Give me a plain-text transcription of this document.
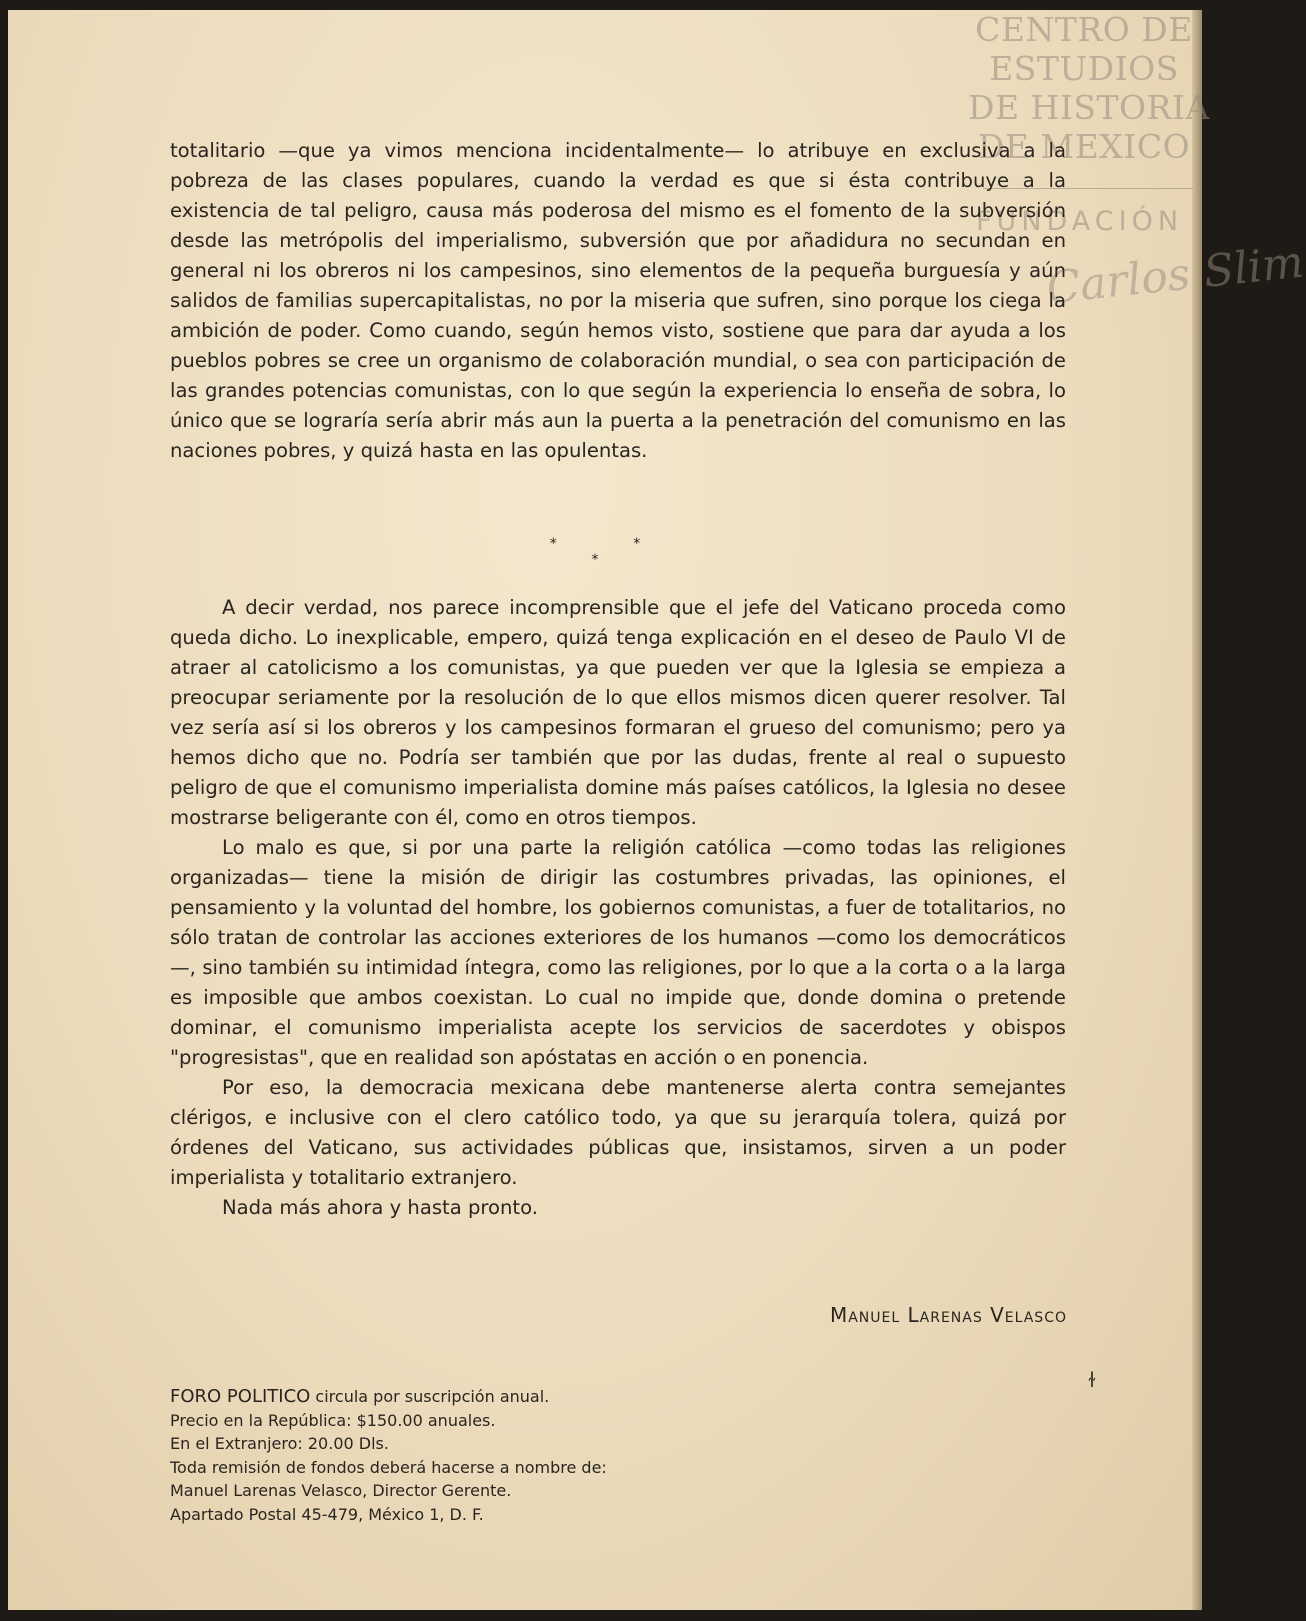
CENTRO DE
ESTUDIOS
DE HISTORIA
DE MEXICO
FUNDACIÓN
Carlos Slim

totalitario —que ya vimos menciona incidentalmente— lo atribuye en exclusiva a la pobreza de las clases populares, cuando la verdad es que si ésta contribuye a la existencia de tal peligro, causa más poderosa del mismo es el fomento de la subversión desde las metrópolis del imperialismo, subversión que por añadidura no secundan en general ni los obreros ni los campesinos, sino elementos de la pequeña burguesía y aún salidos de familias supercapitalistas, no por la miseria que sufren, sino porque los ciega la ambición de poder. Como cuando, según hemos visto, sostiene que para dar ayuda a los pueblos pobres se cree un organismo de colaboración mundial, o sea con participación de las grandes potencias comunistas, con lo que según la experiencia lo enseña de sobra, lo único que se lograría sería abrir más aun la puerta a la penetración del comunismo en las naciones pobres, y quizá hasta en las opulentas.

* * *

A decir verdad, nos parece incomprensible que el jefe del Vaticano proceda como queda dicho. Lo inexplicable, empero, quizá tenga explicación en el deseo de Paulo VI de atraer al catolicismo a los comunistas, ya que pueden ver que la Iglesia se empieza a preocupar seriamente por la resolución de lo que ellos mismos dicen querer resolver. Tal vez sería así si los obreros y los campesinos formaran el grueso del comunismo; pero ya hemos dicho que no. Podría ser también que por las dudas, frente al real o supuesto peligro de que el comunismo imperialista domine más países católicos, la Iglesia no desee mostrarse beligerante con él, como en otros tiempos.

Lo malo es que, si por una parte la religión católica —como todas las religiones organizadas— tiene la misión de dirigir las costumbres privadas, las opiniones, el pensamiento y la voluntad del hombre, los gobiernos comunistas, a fuer de totalitarios, no sólo tratan de controlar las acciones exteriores de los humanos —como los democráticos—, sino también su intimidad íntegra, como las religiones, por lo que a la corta o a la larga es imposible que ambos coexistan. Lo cual no impide que, donde domina o pretende dominar, el comunismo imperialista acepte los servicios de sacerdotes y obispos "progresistas", que en realidad son apóstatas en acción o en ponencia.

Por eso, la democracia mexicana debe mantenerse alerta contra semejantes clérigos, e inclusive con el clero católico todo, ya que su jerarquía tolera, quizá por órdenes del Vaticano, sus actividades públicas que, insistamos, sirven a un poder imperialista y totalitario extranjero.

Nada más ahora y hasta pronto.

Manuel Larenas Velasco
FORO POLITICO circula por suscripción anual.
Precio en la República: $150.00 anuales.
En el Extranjero: 20.00 Dls.
Toda remisión de fondos deberá hacerse a nombre de:
Manuel Larenas Velasco, Director Gerente.
Apartado Postal 45-479, México 1, D. F.
ɫ
